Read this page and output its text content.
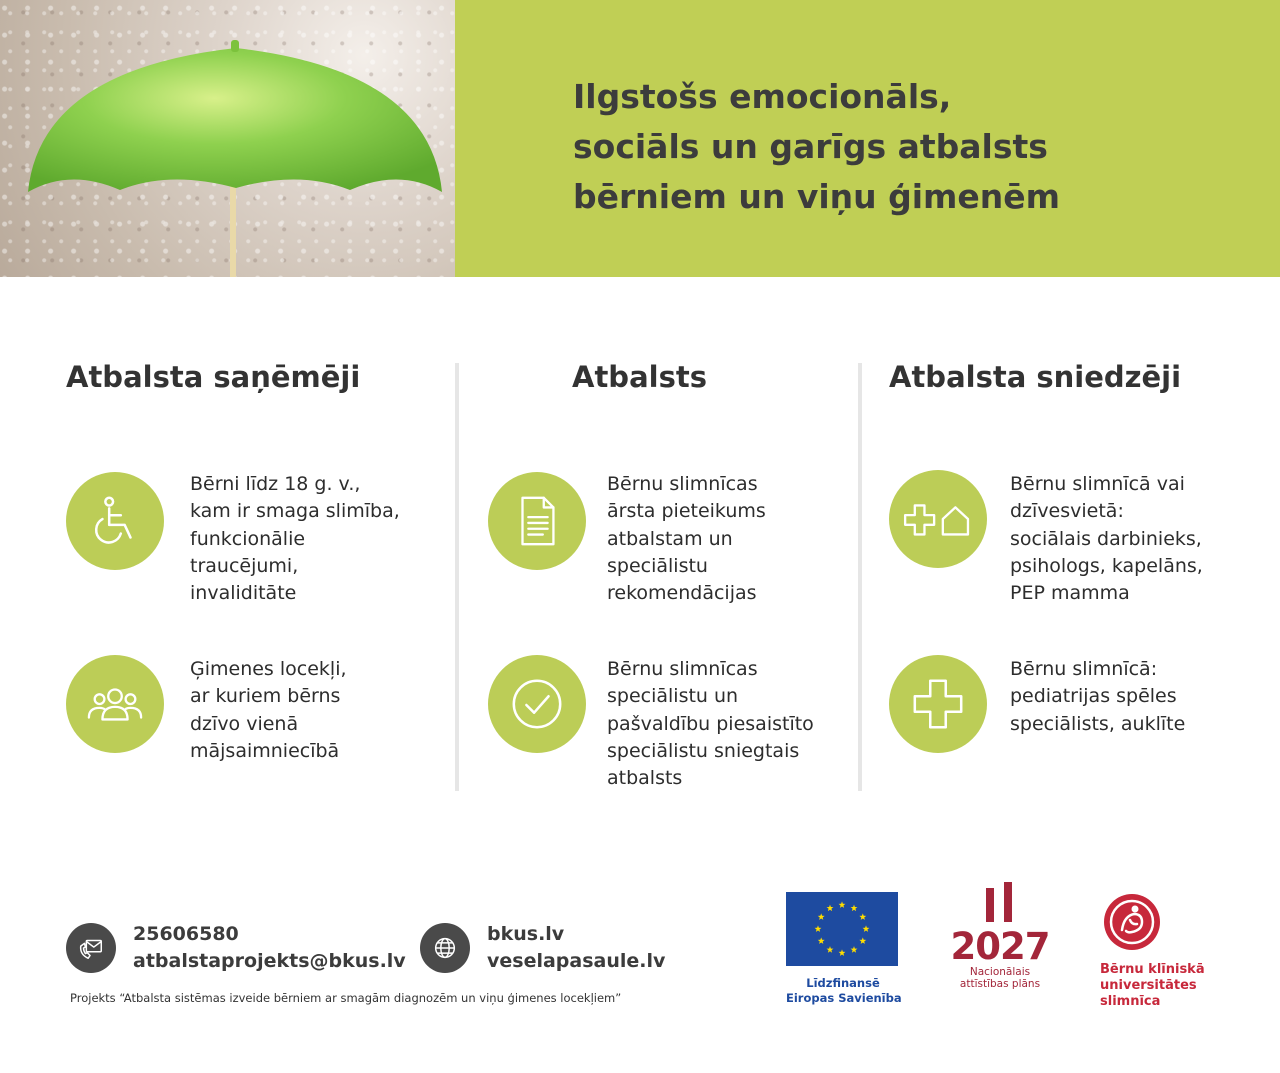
Ilgstošs emocionāls,
sociāls un garīgs atbalsts
bērniem un viņu ģimenēm
Atbalsta saņēmēji	Atbalsts	Atbalsta sniedzēji
Bērni līdz 18 g. v.,
kam ir smaga slimība,
funkcionālie
traucējumi,
invaliditāte
Ģimenes locekļi,
ar kuriem bērns
dzīvo vienā
mājsaimniecībā
Bērnu slimnīcas
ārsta pieteikums
atbalstam un
speciālistu
rekomendācijas
Bērnu slimnīcas
speciālistu un
pašvaldību piesaistīto
speciālistu sniegtais
atbalsts
Bērnu slimnīcā vai
dzīvesvietā:
sociālais darbinieks,
psihologs, kapelāns,
PEP mamma
Bērnu slimnīcā:
pediatrijas spēles
speciālists, auklīte
25606580
atbalstaprojekts@bkus.lv
bkus.lv
veselapasaule.lv
Projekts “Atbalsta sistēmas izveide bērniem ar smagām diagnozēm un viņu ģimenes locekļiem”
Līdzfinansē
Eiropas Savienība
2027
Nacionālais
attīstības plāns
Bērnu klīniskā
universitātes
slimnīca
